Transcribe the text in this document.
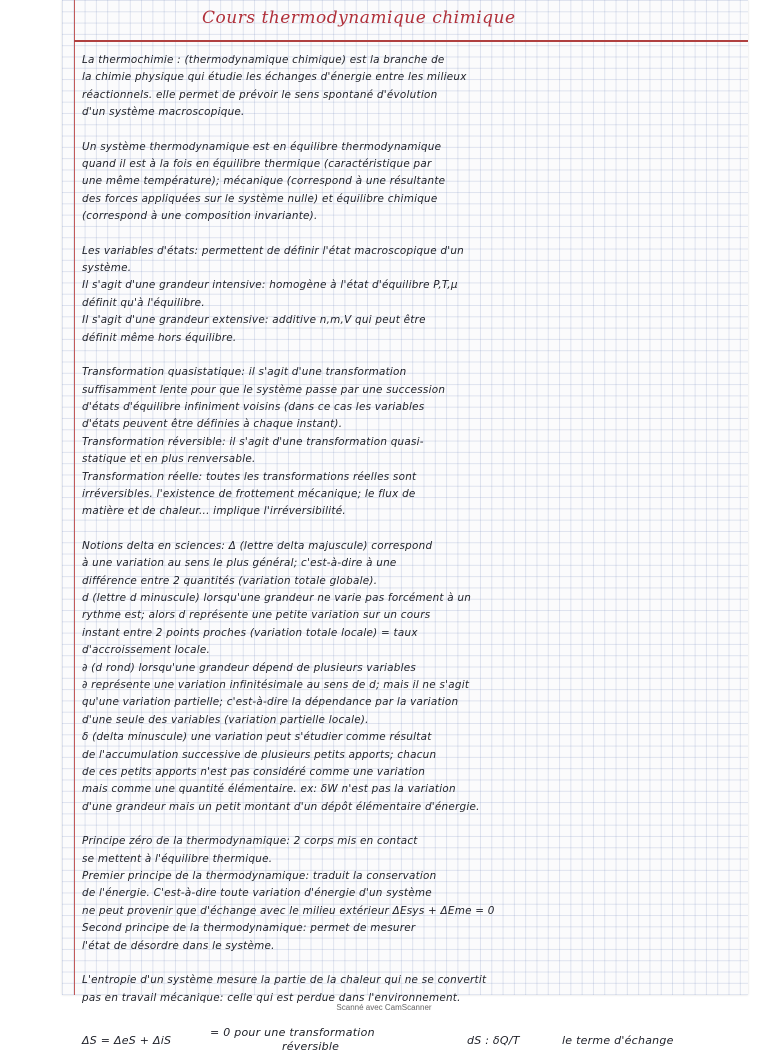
Cours thermodynamique chimique
La thermochimie : (thermodynamique chimique) est la branche de
la chimie physique qui étudie les échanges d'énergie entre les milieux
réactionnels. elle permet de prévoir le sens spontané d'évolution
d'un système macroscopique.
Un système thermodynamique est en équilibre thermodynamique
quand il est à la fois en équilibre thermique (caractéristique par
une même température); mécanique (correspond à une résultante
des forces appliquées sur le système nulle) et équilibre chimique
(correspond à une composition invariante).
Les variables d'états: permettent de définir l'état macroscopique d'un
système.
Il s'agit d'une grandeur intensive: homogène à l'état d'équilibre P,T,μ
définit qu'à l'équilibre.
Il s'agit d'une grandeur extensive: additive n,m,V qui peut être
définit même hors équilibre.
Transformation quasistatique: il s'agit d'une transformation
suffisamment lente pour que le système passe par une succession
d'états d'équilibre infiniment voisins (dans ce cas les variables
d'états peuvent être définies à chaque instant).
Transformation réversible: il s'agit d'une transformation quasi-
statique et en plus renversable.
Transformation réelle: toutes les transformations réelles sont
irréversibles. l'existence de frottement mécanique; le flux de
matière et de chaleur... implique l'irréversibilité.
Notions delta en sciences: Δ (lettre delta majuscule) correspond
à une variation au sens le plus général; c'est-à-dire à une
différence entre 2 quantités (variation totale globale).
d (lettre d minuscule) lorsqu'une grandeur ne varie pas forcément à un
rythme est; alors d représente une petite variation sur un cours
instant entre 2 points proches (variation totale locale) = taux
d'accroissement locale.
∂ (d rond) lorsqu'une grandeur dépend de plusieurs variables
∂ représente une variation infinitésimale au sens de d; mais il ne s'agit
qu'une variation partielle; c'est-à-dire la dépendance par la variation
d'une seule des variables (variation partielle locale).
δ (delta minuscule) une variation peut s'étudier comme résultat
de l'accumulation successive de plusieurs petits apports; chacun
de ces petits apports n'est pas considéré comme une variation
mais comme une quantité élémentaire. ex: δW n'est pas la variation
d'une grandeur mais un petit montant d'un dépôt élémentaire d'énergie.
Principe zéro de la thermodynamique: 2 corps mis en contact
se mettent à l'équilibre thermique.
Premier principe de la thermodynamique: traduit la conservation
de l'énergie. C'est-à-dire toute variation d'énergie d'un système
ne peut provenir que d'échange avec le milieu extérieur ΔEsys + ΔEme = 0
Second principe de la thermodynamique: permet de mesurer
l'état de désordre dans le système.
L'entropie d'un système mesure la partie de la chaleur qui ne se convertit
pas en travail mécanique: celle qui est perdue dans l'environnement.
ΔS = ΔeS + ΔiS
= 0 pour une transformation
réversible	dS : δQ/T	le terme d'échange
Scanné avec CamScanner
